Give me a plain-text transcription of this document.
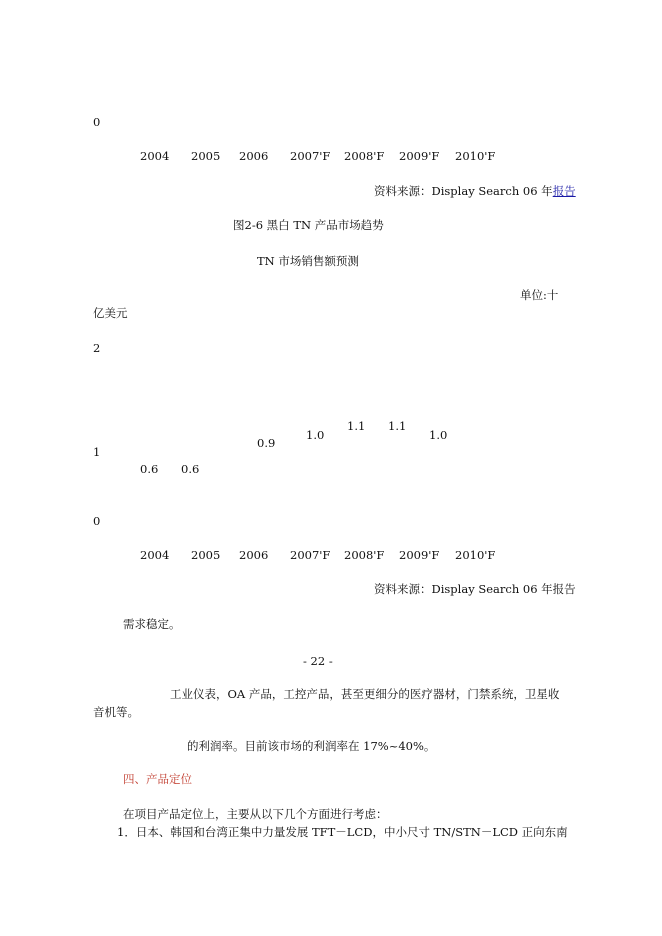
0
2004 2005 2006 2007'F 2008'F 2009'F 2010'F
资料来源：Display Search 06 年报告
图2-6 黑白 TN 产品市场趋势
TN 市场销售额预测
单位:十
亿美元
2
1
0
0.6 0.6
0.9
1.0
1.1 1.1
1.0
2004 2005 2006 2007'F 2008'F 2009'F 2010'F
资料来源：Display Search 06 年报告
需求稳定。
- 22 -
工业仪表，OA 产品，工控产品，甚至更细分的医疗器材，门禁系统，卫星收
音机等。
的利润率。目前该市场的利润率在 17%~40%。
四、产品定位
在项目产品定位上，主要从以下几个方面进行考虑：
1．日本、韩国和台湾正集中力量发展 TFT－LCD，中小尺寸 TN/STN－LCD 正向东南
